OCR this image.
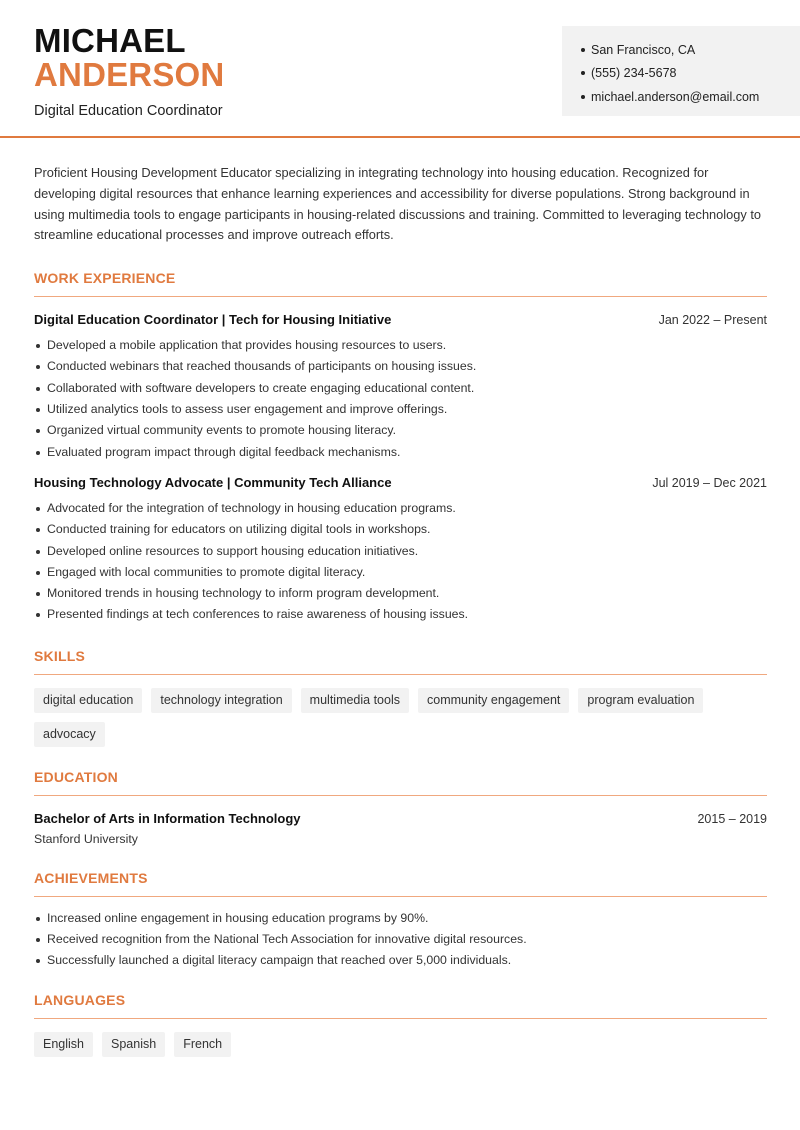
MICHAEL
ANDERSON
Digital Education Coordinator
San Francisco, CA
(555) 234-5678
michael.anderson@email.com

Proficient Housing Development Educator specializing in integrating technology into housing education. Recognized for developing digital resources that enhance learning experiences and accessibility for diverse populations. Strong background in using multimedia tools to engage participants in housing-related discussions and training. Committed to leveraging technology to streamline educational processes and improve outreach efforts.

WORK EXPERIENCE
Digital Education Coordinator | Tech for Housing Initiative	Jan 2022 – Present
Developed a mobile application that provides housing resources to users.
Conducted webinars that reached thousands of participants on housing issues.
Collaborated with software developers to create engaging educational content.
Utilized analytics tools to assess user engagement and improve offerings.
Organized virtual community events to promote housing literacy.
Evaluated program impact through digital feedback mechanisms.
Housing Technology Advocate | Community Tech Alliance	Jul 2019 – Dec 2021
Advocated for the integration of technology in housing education programs.
Conducted training for educators on utilizing digital tools in workshops.
Developed online resources to support housing education initiatives.
Engaged with local communities to promote digital literacy.
Monitored trends in housing technology to inform program development.
Presented findings at tech conferences to raise awareness of housing issues.
SKILLS
digital education	technology integration	multimedia tools	community engagement	program evaluation
advocacy
EDUCATION
Bachelor of Arts in Information Technology	2015 – 2019
Stanford University
ACHIEVEMENTS
Increased online engagement in housing education programs by 90%.
Received recognition from the National Tech Association for innovative digital resources.
Successfully launched a digital literacy campaign that reached over 5,000 individuals.
LANGUAGES
English	Spanish	French
